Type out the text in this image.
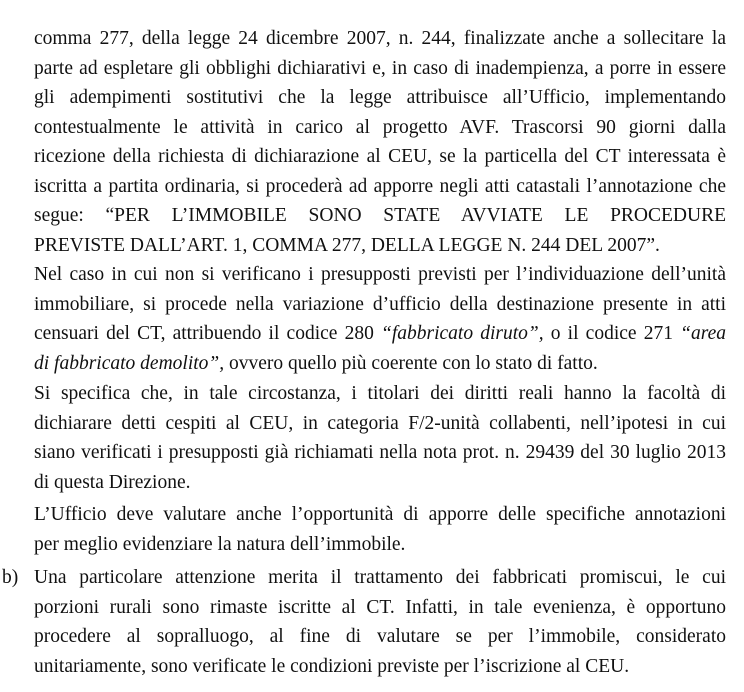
comma 277, della legge 24 dicembre 2007, n. 244, finalizzate anche a sollecitare la
parte ad espletare gli obblighi dichiarativi e, in caso di inadempienza, a porre in essere
gli adempimenti sostitutivi che la legge attribuisce all’Ufficio, implementando
contestualmente le attività in carico al progetto AVF. Trascorsi 90 giorni dalla
ricezione della richiesta di dichiarazione al CEU, se la particella del CT interessata è
iscritta a partita ordinaria, si procederà ad apporre negli atti catastali l’annotazione che
segue: “PER L’IMMOBILE SONO STATE AVVIATE LE PROCEDURE
PREVISTE DALL’ART. 1, COMMA 277, DELLA LEGGE N. 244 DEL 2007”.
Nel caso in cui non si verificano i presupposti previsti per l’individuazione dell’unità
immobiliare, si procede nella variazione d’ufficio della destinazione presente in atti
censuari del CT, attribuendo il codice 280 “fabbricato diruto”, o il codice 271 “area
di fabbricato demolito”, ovvero quello più coerente con lo stato di fatto.
Si specifica che, in tale circostanza, i titolari dei diritti reali hanno la facoltà di
dichiarare detti cespiti al CEU, in categoria F/2-unità collabenti, nell’ipotesi in cui
siano verificati i presupposti già richiamati nella nota prot. n. 29439 del 30 luglio 2013
di questa Direzione.
L’Ufficio deve valutare anche l’opportunità di apporre delle specifiche annotazioni
per meglio evidenziare la natura dell’immobile.
b) Una particolare attenzione merita il trattamento dei fabbricati promiscui, le cui
porzioni rurali sono rimaste iscritte al CT. Infatti, in tale evenienza, è opportuno
procedere al sopralluogo, al fine di valutare se per l’immobile, considerato
unitariamente, sono verificate le condizioni previste per l’iscrizione al CEU.
